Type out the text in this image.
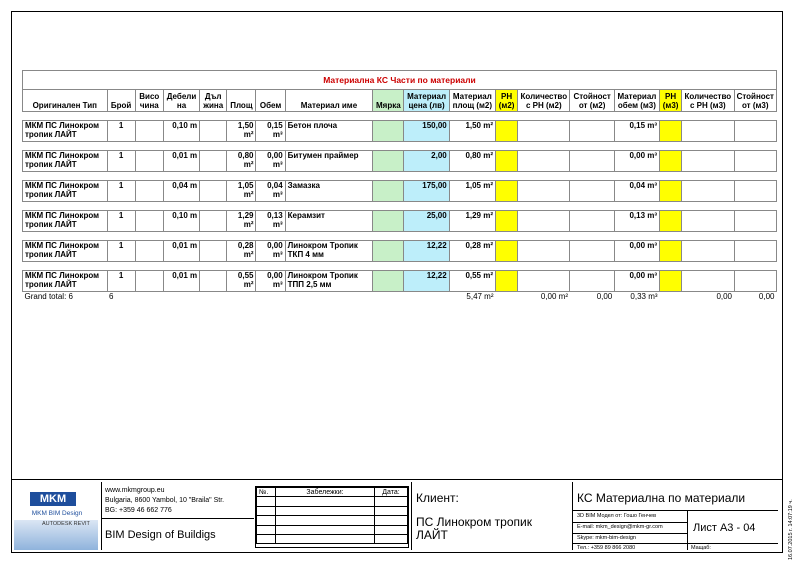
Материална КС Части по материали																	
Оригинален Тип	Брой	Висо чина	Дебели на	Дъл жина	Площ	Обем	Материал име	Мярка	Материал цена (лв)	Материал площ (м2)	РН (м2)	Количество с РН (м2)	Стойност от (м2)	Материал обем (м3)	РН (м3)	Количество с РН (м3)	Стойност от (м3)

МКМ ПС Линокром тропик ЛАЙТ	1		0,10 m		1,50 m²	0,15 m³	Бетон плоча		150,00	1,50 m²				0,15 m³			

МКМ ПС Линокром тропик ЛАЙТ	1		0,01 m		0,80 m²	0,00 m³	Битумен праймер		2,00	0,80 m²				0,00 m³			

МКМ ПС Линокром тропик ЛАЙТ	1		0,04 m		1,05 m²	0,04 m³	Замазка		175,00	1,05 m²				0,04 m³			

МКМ ПС Линокром тропик ЛАЙТ	1		0,10 m		1,29 m²	0,13 m³	Керамзит		25,00	1,29 m²				0,13 m³			

МКМ ПС Линокром тропик ЛАЙТ	1		0,01 m		0,28 m²	0,00 m³	Линокром Тропик ТКП 4 мм		12,22	0,28 m²				0,00 m³			

МКМ ПС Линокром тропик ЛАЙТ	1		0,01 m		0,55 m²	0,00 m³	Линокром Тропик ТПП 2,5 мм		12,22	0,55 m²				0,00 m³			
Grand total: 6	6									5,47 m²		0,00 m²	0,00	0,33 m³		0,00	0,00
MKM
MKM BIM Design
AUTODESK REVIT
www.mkmgroup.eu
Bulgaria, 8600 Yambol, 10 "Braila" Str.
BG: +359 46 662 776
BIM Design of Buildigs
№.	Забележки:	Дата:

		Клиент:
ПС Линокром тропик ЛАЙТ
КС Материална по материали
3D BIM Модел от: Гошо Генчев
E-mail: mkm_design@mkm-gr.com
Skype: mkm-bim-design
Тел.: +359 89 866 2080
Лист А3 - 04
Мащаб:	16.07.2015 г. 14:07:19 ч.
